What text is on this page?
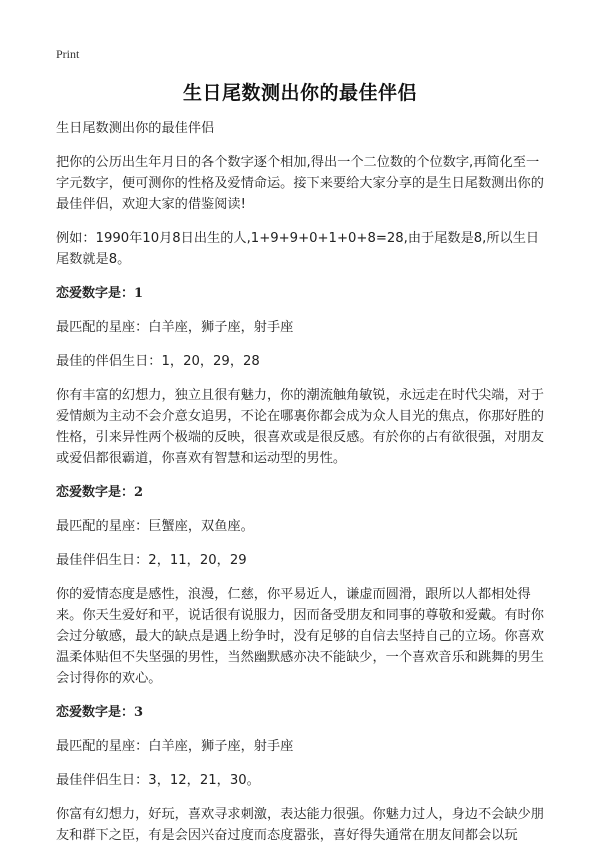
Print
生日尾数测出你的最佳伴侣

生日尾数测出你的最佳伴侣

把你的公历出生年月日的各个数字逐个相加,得出一个二位数的个位数字,再简化至一字元数字，便可测你的性格及爱情命运。接下来要给大家分享的是生日尾数测出你的最佳伴侣，欢迎大家的借鉴阅读!

例如：1990年10月8日出生的人,1+9+9+0+1+0+8=28,由于尾数是8,所以生日尾数就是8。

恋爱数字是：1

最匹配的星座：白羊座，狮子座，射手座

最佳的伴侣生日：1，20，29，28

你有丰富的幻想力，独立且很有魅力，你的潮流触角敏锐，永远走在时代尖端，对于爱情颇为主动不会介意女追男，不论在哪裏你都会成为众人目光的焦点，你那好胜的性格，引来异性两个极端的反映，很喜欢或是很反感。有於你的占有欲很强，对朋友或爱侣都很霸道，你喜欢有智慧和运动型的男性。

恋爱数字是：2

最匹配的星座：巨蟹座，双鱼座。

最佳伴侣生日：2，11，20，29

你的爱情态度是感性，浪漫，仁慈，你平易近人，谦虚而圆滑，跟所以人都相处得来。你天生爱好和平，说话很有说服力，因而备受朋友和同事的尊敬和爱戴。有时你会过分敏感，最大的缺点是遇上纷争时，没有足够的自信去坚持自己的立场。你喜欢温柔体贴但不失坚强的男性，当然幽默感亦决不能缺少，一个喜欢音乐和跳舞的男生会讨得你的欢心。

恋爱数字是：3

最匹配的星座：白羊座，狮子座，射手座

最佳伴侣生日：3，12，21，30。

你富有幻想力，好玩，喜欢寻求刺激，表达能力很强。你魅力过人，身边不会缺少朋友和群下之臣，有是会因兴奋过度而态度嚣张，喜好得失通常在朋友间都会以玩
